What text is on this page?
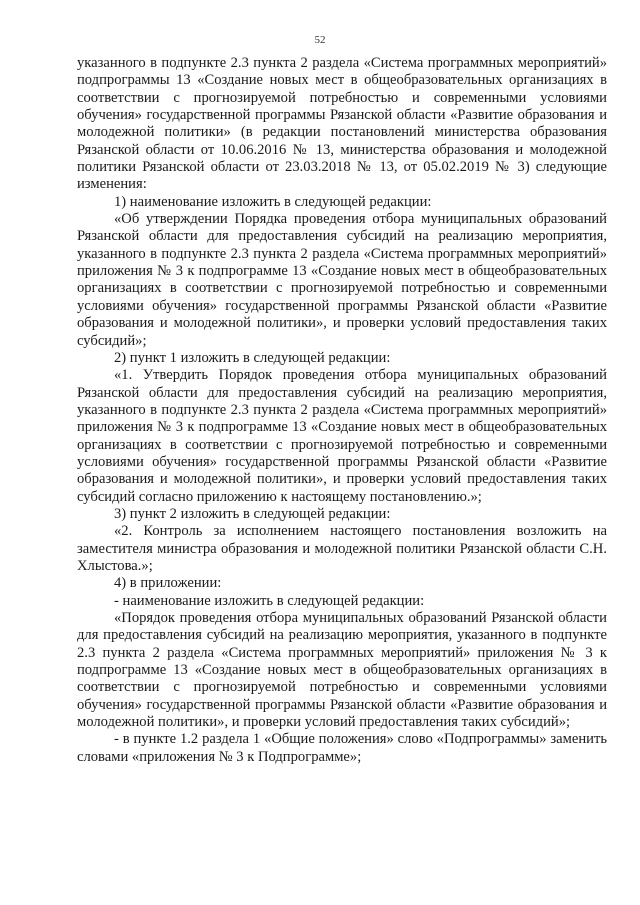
52

указанного в подпункте 2.3 пункта 2 раздела «Система программных мероприятий» подпрограммы 13 «Создание новых мест в общеобразовательных организациях в соответствии с прогнозируемой потребностью и современными условиями обучения» государственной программы Рязанской области «Развитие образования и молодежной политики» (в редакции постановлений министерства образования Рязанской области от 10.06.2016 № 13, министерства образования и молодежной политики Рязанской области от 23.03.2018 № 13, от 05.02.2019 № 3) следующие изменения:

1) наименование изложить в следующей редакции:

«Об утверждении Порядка проведения отбора муниципальных образований Рязанской области для предоставления субсидий на реализацию мероприятия, указанного в подпункте 2.3 пункта 2 раздела «Система программных мероприятий» приложения № 3 к подпрограмме 13 «Создание новых мест в общеобразовательных организациях в соответствии с прогнозируемой потребностью и современными условиями обучения» государственной программы Рязанской области «Развитие образования и молодежной политики», и проверки условий предоставления таких субсидий»;

2) пункт 1 изложить в следующей редакции:

«1. Утвердить Порядок проведения отбора муниципальных образований Рязанской области для предоставления субсидий на реализацию мероприятия, указанного в подпункте 2.3 пункта 2 раздела «Система программных мероприятий» приложения № 3 к подпрограмме 13 «Создание новых мест в общеобразовательных организациях в соответствии с прогнозируемой потребностью и современными условиями обучения» государственной программы Рязанской области «Развитие образования и молодежной политики», и проверки условий предоставления таких субсидий согласно приложению к настоящему постановлению.»;

3) пункт 2 изложить в следующей редакции:

«2. Контроль за исполнением настоящего постановления возложить на заместителя министра образования и молодежной политики Рязанской области С.Н. Хлыстова.»;

4) в приложении:

- наименование изложить в следующей редакции:

«Порядок проведения отбора муниципальных образований Рязанской области для предоставления субсидий на реализацию мероприятия, указанного в подпункте 2.3 пункта 2 раздела «Система программных мероприятий» приложения № 3 к подпрограмме 13 «Создание новых мест в общеобразовательных организациях в соответствии с прогнозируемой потребностью и современными условиями обучения» государственной программы Рязанской области «Развитие образования и молодежной политики», и проверки условий предоставления таких субсидий»;

- в пункте 1.2 раздела 1 «Общие положения» слово «Подпрограммы» заменить словами «приложения № 3 к Подпрограмме»;
